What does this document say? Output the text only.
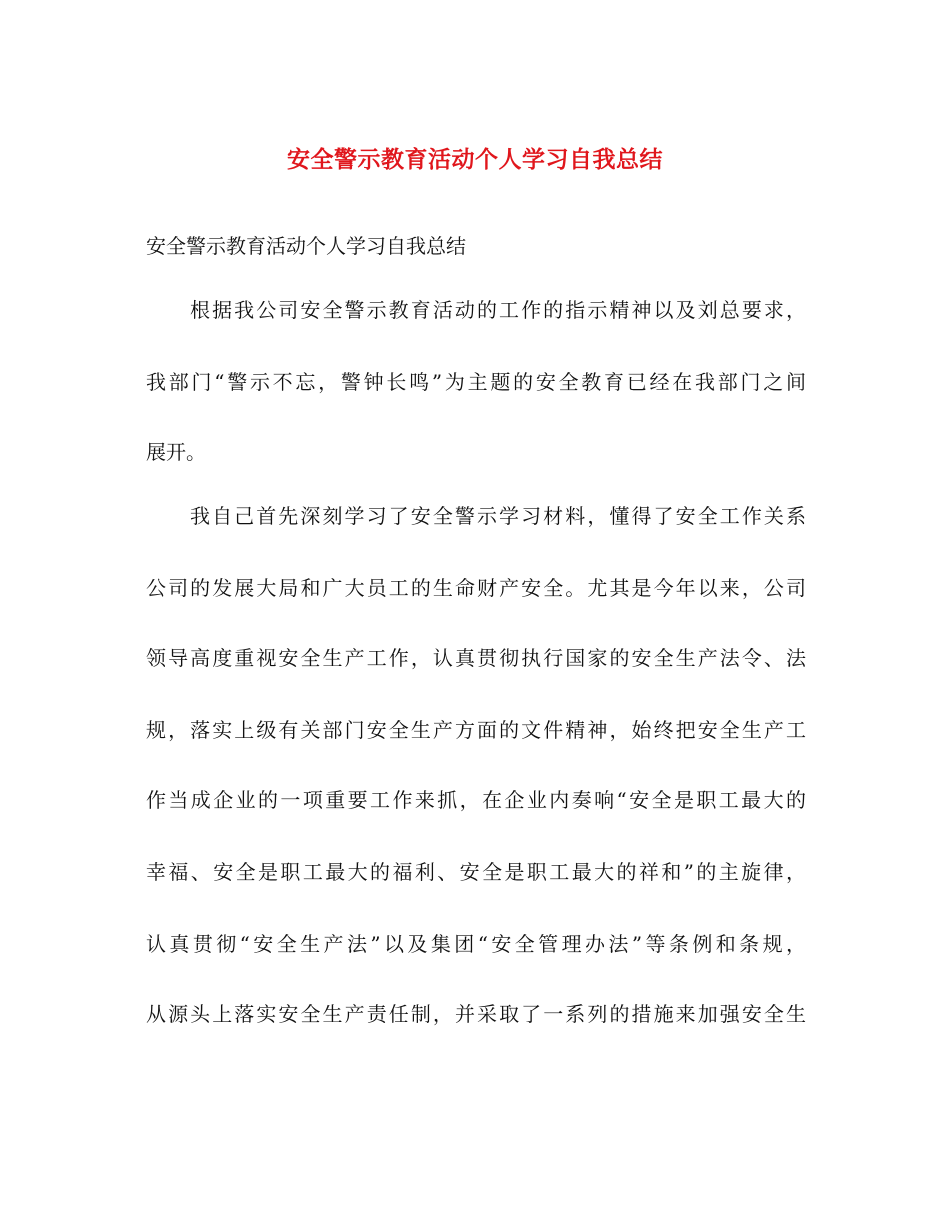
安全警示教育活动个人学习自我总结

安全警示教育活动个人学习自我总结

根据我公司安全警示教育活动的工作的指示精神以及刘总要求，

我部门“警示不忘，警钟长鸣”为主题的安全教育已经在我部门之间

展开。

我自己首先深刻学习了安全警示学习材料，懂得了安全工作关系

公司的发展大局和广大员工的生命财产安全。尤其是今年以来，公司

领导高度重视安全生产工作，认真贯彻执行国家的安全生产法令、法

规，落实上级有关部门安全生产方面的文件精神，始终把安全生产工

作当成企业的一项重要工作来抓，在企业内奏响“安全是职工最大的

幸福、安全是职工最大的福利、安全是职工最大的祥和”的主旋律，

认真贯彻“安全生产法”以及集团“安全管理办法”等条例和条规，

从源头上落实安全生产责任制，并采取了一系列的措施来加强安全生
